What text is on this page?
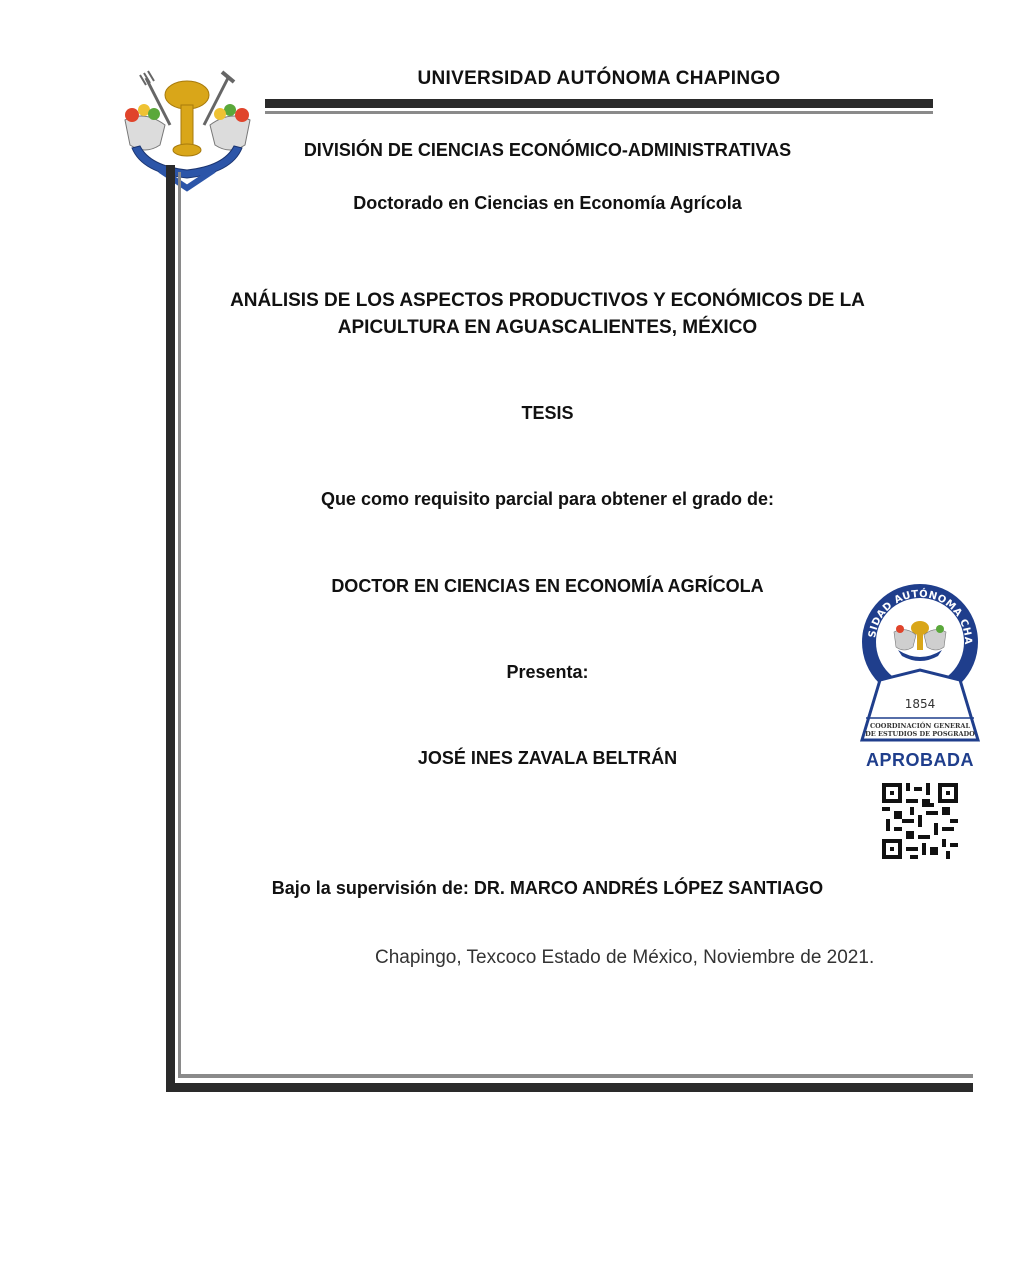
UNIVERSIDAD AUTÓNOMA CHAPINGO
DIVISIÓN DE CIENCIAS ECONÓMICO-ADMINISTRATIVAS
Doctorado en Ciencias en Economía Agrícola
ANÁLISIS DE LOS ASPECTOS PRODUCTIVOS Y ECONÓMICOS DE LA
APICULTURA EN AGUASCALIENTES, MÉXICO
TESIS
Que como requisito parcial para obtener el grado de:
DOCTOR EN CIENCIAS EN ECONOMÍA AGRÍCOLA
Presenta:
JOSÉ INES ZAVALA BELTRÁN
Bajo la supervisión de: DR. MARCO ANDRÉS LÓPEZ SANTIAGO
Chapingo, Texcoco Estado de México, Noviembre de 2021.
SIDAD AUTÓNOMA CHA
1854
COORDINACIÓN GENERAL
DE ESTUDIOS DE POSGRADO
APROBADA
